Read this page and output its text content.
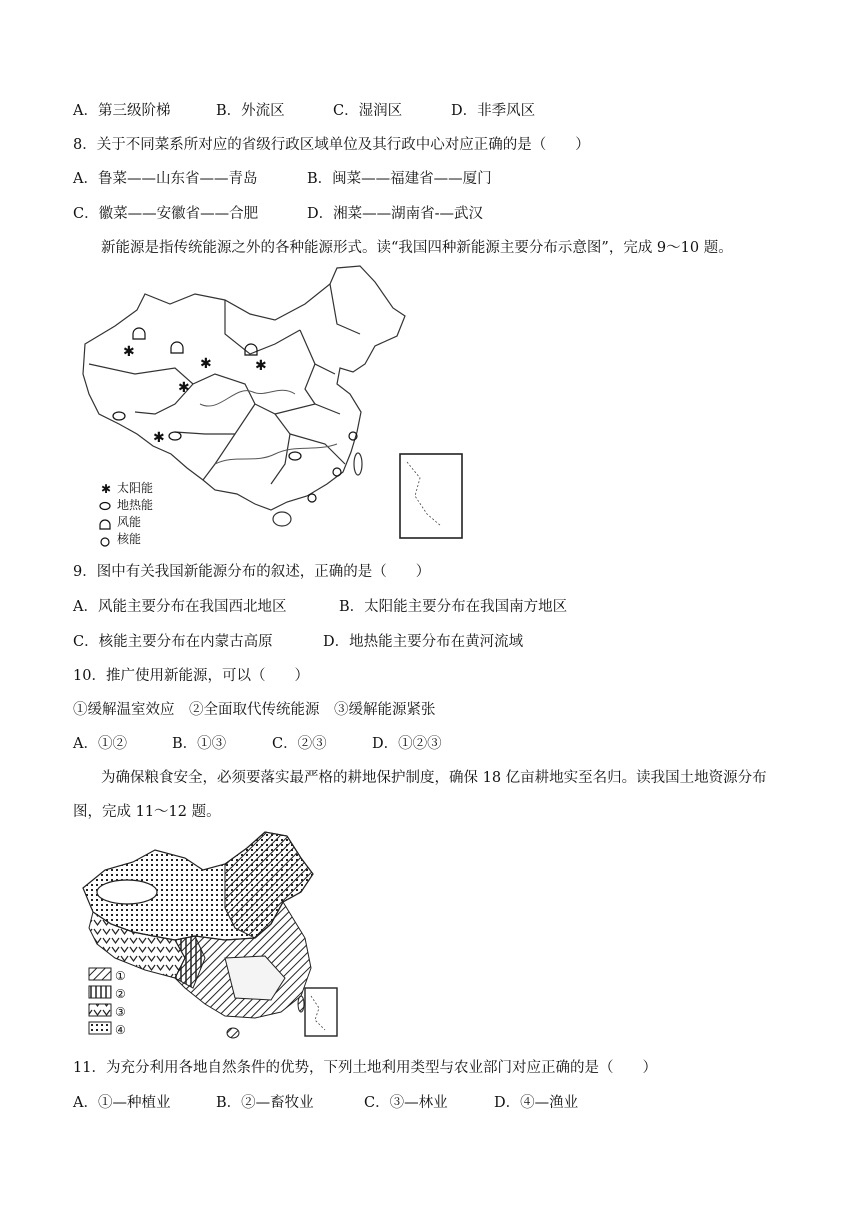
A．第三级阶梯	B．外流区	C．湿润区	D．非季风区
8．关于不同菜系所对应的省级行政区域单位及其行政中心对应正确的是（　　）
A．鲁菜——山东省——青岛	B．闽菜——福建省——厦门
C．徽菜——安徽省——合肥	D．湘菜——湖南省-—武汉
新能源是指传统能源之外的各种能源形式。读“我国四种新能源主要分布示意图”，完成 9～10 题。
✱
✱	✱
✱
✱
✱ 太阳能
地热能
风能
核能
9．图中有关我国新能源分布的叙述，正确的是（　　）
A．风能主要分布在我国西北地区	B．太阳能主要分布在我国南方地区
C．核能主要分布在内蒙古高原	D．地热能主要分布在黄河流域
10．推广使用新能源，可以（　　）
①缓解温室效应　②全面取代传统能源　③缓解能源紧张
A．①②	B．①③	C．②③	D．①②③
为确保粮食安全，必须要落实最严格的耕地保护制度，确保 18 亿亩耕地实至名归。读我国土地资源分布
图，完成 11～12 题。
①
②
③
④
11．为充分利用各地自然条件的优势，下列土地利用类型与农业部门对应正确的是（　　）
A．①—种植业	B．②—畜牧业	C．③—林业	D．④—渔业
